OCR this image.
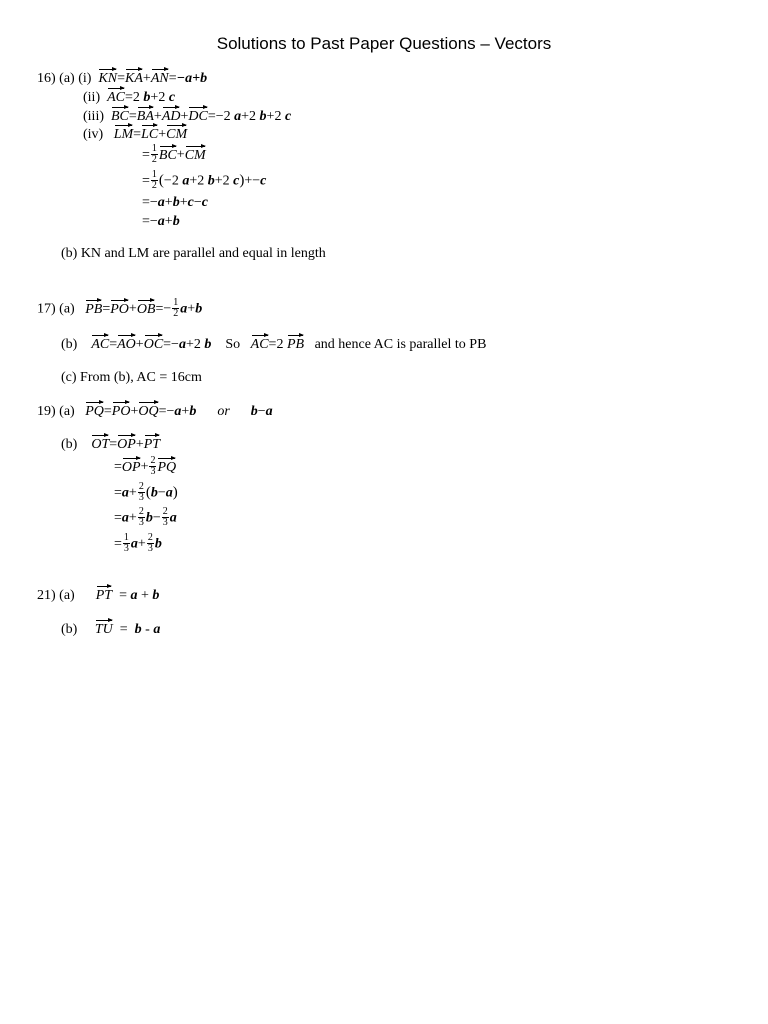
Solutions to Past Paper Questions – Vectors
16) (a) (i) KN=KA+AN=−a+b
(ii) AC=2 b+2 c
(iii) BC=BA+AD+DC=−2 a+2 b+2 c
(iv) LM=LC+CM
= $\frac{1}{2} BC+CM$
= $\frac{1}{2} (-2$ a+2 b+2 c)+−c
=−a+b+c−c
=−a+b
(b) KN and LM are parallel and equal in length
17) (a) $PB=PO+OB=- \frac{1}{2} a+b$
(b) AC=AO+OC=−a+2 b So AC=2 PB and hence AC is parallel to PB
(c) From (b), AC = 16cm
19) (a) PQ=PO+OQ=−a+b or b−a
(b) OT=OP+PT
$=OP+ \frac{2}{3}$ PQ
$=a+ \frac{2}{3} (b-a)$
$=a+ \frac{2}{3} b- \frac{2}{3}$ a
= $\frac{1}{3} a+ \frac{2}{3}$ b
21) (a) PT  = a + b
(b) TU  =  b - a
